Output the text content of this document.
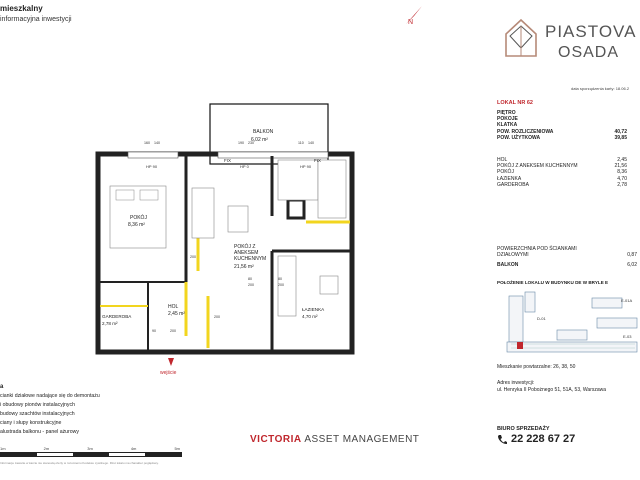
mieszkalny
informacyjna inwestycji	N	PIASTOVA
OSADA
data sporządzenia karty: 18.06.2
LOKAL NR 62
PIĘTRO
POKOJE
KLATKA
POW. ROZLICZENIOWA	40,72
POW. UŻYTKOWA	39,85
HOL	2,45
POKÓJ Z ANEKSEM KUCHENNYM	21,56
POKÓJ	8,36
ŁAZIENKA	4,70
GARDEROBA	2,78
POWIERZCHNIA POD ŚCIANKAMI DZIAŁOWYMI	0,87
BALKON	6,02
POŁOŻENIE LOKALU W BUDYNKU DE W BRYLE E
D-01
E-01A
E-03
Mieszkanie powtarzalne: 26, 38, 50
Adres inwestycji:
ul. Henryka II Pobożnego 51, 51A, 53, Warszawa
BIURO SPRZEDAŻY
22 228 67 27
BALKON
6,02 m²
POKÓJ
8,36 m²
POKÓJ Z
ANEKSEM
KUCHENNYM
21,56 m²
HOL
2,45 m²
GARDEROBA
2,78 m²
ŁAZIENKA
4,70 m²
FIX	FIX
HP 90	HP 0	HP 90
160 140	190 230	110 140
80
200
80
200
200
200
90	200
wejście
a
cianki działowe nadające się do demontażu
i obudowy pionów instalacyjnych
budowy szachtów instalacyjnych
ciany i słupy konstrukcyjne
alustrada balkonu - panel ażurowy
1m	2m	3m	4m	5m
VICTORIA ASSET MANAGEMENT
Informacje zawarte w karcie nie stanowią oferty w rozumieniu Kodeksu cywilnego. Rzut lokalu ma charakter poglądowy.
